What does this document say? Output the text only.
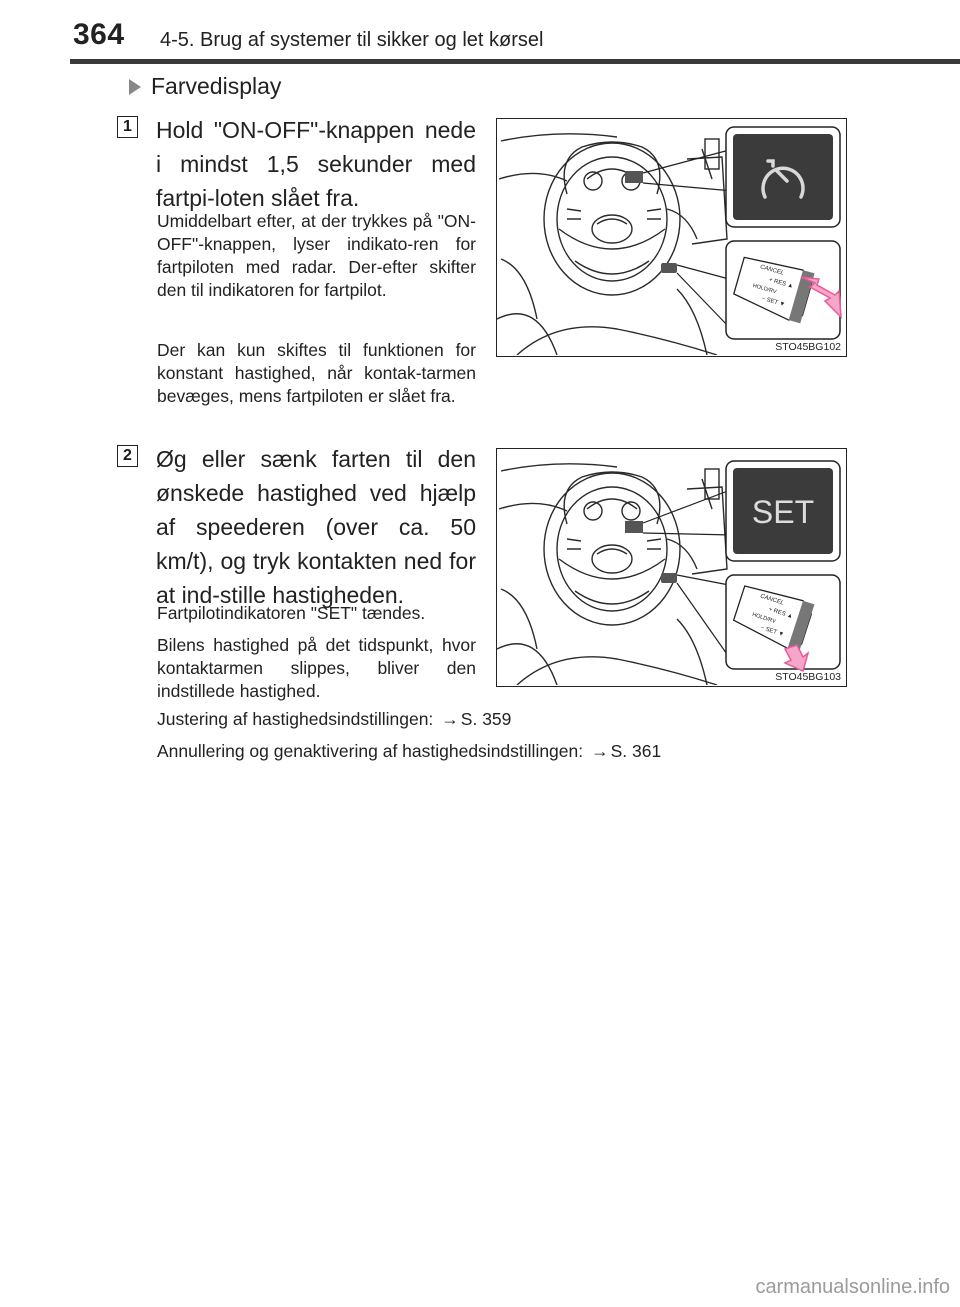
364 4-5. Brug af systemer til sikker og let kørsel
Farvedisplay
1 Hold "ON-OFF"-knappen nede i mindst 1,5 sekunder med fartpi-loten slået fra.
Umiddelbart efter, at der trykkes på "ON-OFF"-knappen, lyser indikato-ren for fartpiloten med radar. Der-efter skifter den til indikatoren for fartpilot.
Der kan kun skiftes til funktionen for konstant hastighed, når kontak-tarmen bevæges, mens fartpiloten er slået fra.
CANCEL
+ RES ▲
HOLD/RV
− SET ▼
STO45BG102
2 Øg eller sænk farten til den ønskede hastighed ved hjælp af speederen (over ca. 50 km/t), og tryk kontakten ned for at ind-stille hastigheden.
Fartpilotindikatoren "SET" tændes.
Bilens hastighed på det tidspunkt, hvor kontaktarmen slippes, bliver den indstillede hastighed.
SET
CANCEL
+ RES ▲
HOLD/RV
− SET ▼
STO45BG103
Justering af hastighedsindstillingen: → S. 359
Annullering og genaktivering af hastighedsindstillingen: → S. 361
carmanualsonline.info
